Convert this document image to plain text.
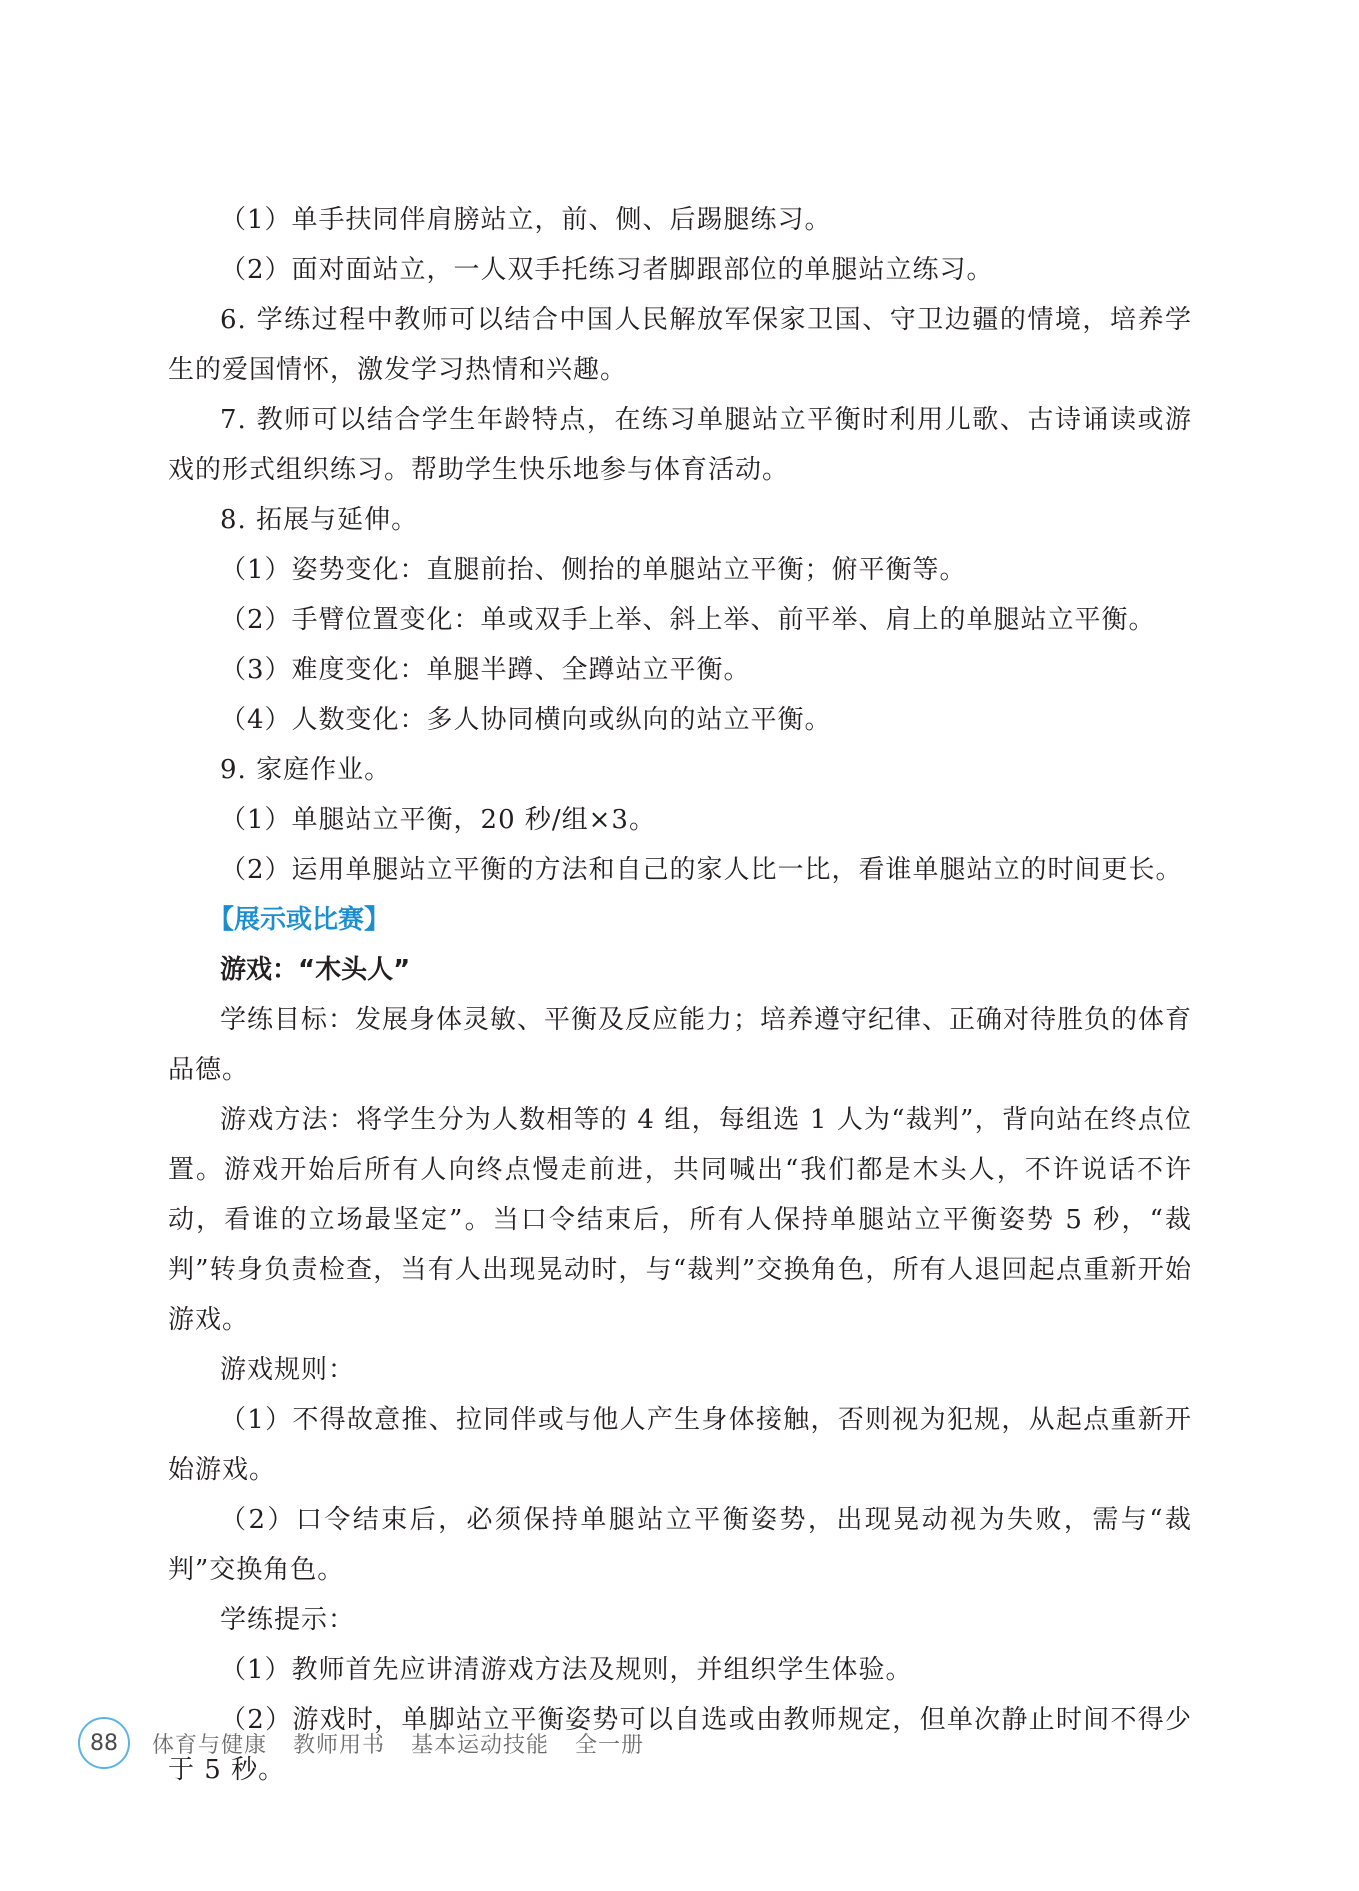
（1）单手扶同伴肩膀站立，前、侧、后踢腿练习。

（2）面对面站立，一人双手托练习者脚跟部位的单腿站立练习。

6. 学练过程中教师可以结合中国人民解放军保家卫国、守卫边疆的情境，培养学生的爱国情怀，激发学习热情和兴趣。

7. 教师可以结合学生年龄特点，在练习单腿站立平衡时利用儿歌、古诗诵读或游戏的形式组织练习。帮助学生快乐地参与体育活动。

8. 拓展与延伸。

（1）姿势变化：直腿前抬、侧抬的单腿站立平衡；俯平衡等。

（2）手臂位置变化：单或双手上举、斜上举、前平举、肩上的单腿站立平衡。

（3）难度变化：单腿半蹲、全蹲站立平衡。

（4）人数变化：多人协同横向或纵向的站立平衡。

9. 家庭作业。

（1）单腿站立平衡，20 秒/组×3。

（2）运用单腿站立平衡的方法和自己的家人比一比，看谁单腿站立的时间更长。

【展示或比赛】

游戏：“木头人”

学练目标：发展身体灵敏、平衡及反应能力；培养遵守纪律、正确对待胜负的体育品德。

游戏方法：将学生分为人数相等的 4 组，每组选 1 人为“裁判”，背向站在终点位置。游戏开始后所有人向终点慢走前进，共同喊出“我们都是木头人，不许说话不许动，看谁的立场最坚定”。当口令结束后，所有人保持单腿站立平衡姿势 5 秒，“裁判”转身负责检查，当有人出现晃动时，与“裁判”交换角色，所有人退回起点重新开始游戏。

游戏规则：

（1）不得故意推、拉同伴或与他人产生身体接触，否则视为犯规，从起点重新开始游戏。

（2）口令结束后，必须保持单腿站立平衡姿势，出现晃动视为失败，需与“裁判”交换角色。

学练提示：

（1）教师首先应讲清游戏方法及规则，并组织学生体验。

（2）游戏时，单脚站立平衡姿势可以自选或由教师规定，但单次静止时间不得少于 5 秒。

88	体育与健康 教师用书 基本运动技能 全一册
